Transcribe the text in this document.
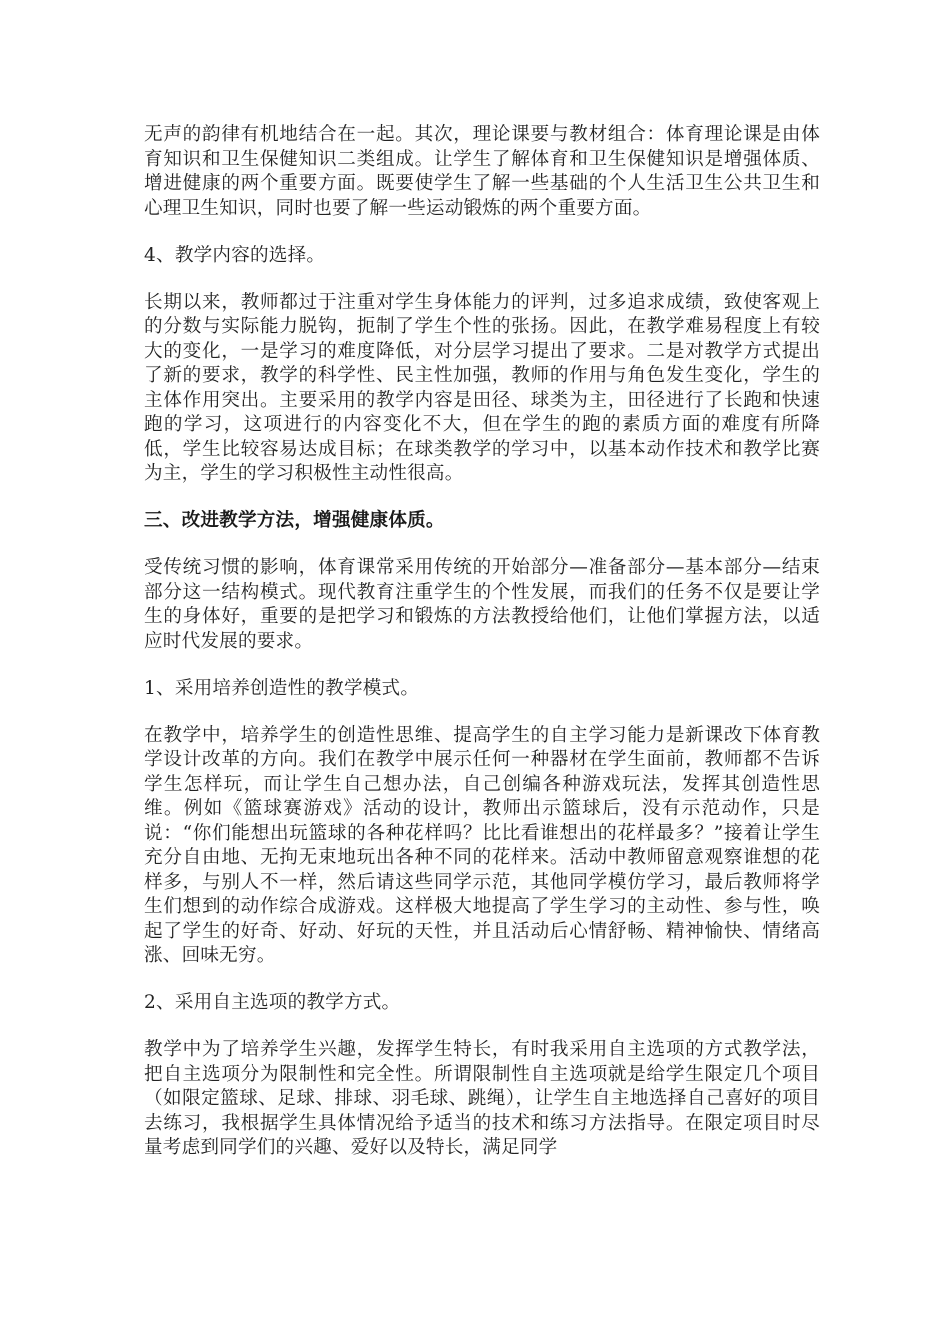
无声的韵律有机地结合在一起。其次，理论课要与教材组合：体育理论课是由体育知识和卫生保健知识二类组成。让学生了解体育和卫生保健知识是增强体质、增进健康的两个重要方面。既要使学生了解一些基础的个人生活卫生公共卫生和心理卫生知识，同时也要了解一些运动锻炼的两个重要方面。

4、教学内容的选择。

长期以来，教师都过于注重对学生身体能力的评判，过多追求成绩，致使客观上的分数与实际能力脱钩，扼制了学生个性的张扬。因此，在教学难易程度上有较大的变化，一是学习的难度降低，对分层学习提出了要求。二是对教学方式提出了新的要求，教学的科学性、民主性加强，教师的作用与角色发生变化，学生的主体作用突出。主要采用的教学内容是田径、球类为主，田径进行了长跑和快速跑的学习，这项进行的内容变化不大，但在学生的跑的素质方面的难度有所降低，学生比较容易达成目标；在球类教学的学习中，以基本动作技术和教学比赛为主，学生的学习积极性主动性很高。

三、改进教学方法，增强健康体质。

受传统习惯的影响，体育课常采用传统的开始部分—准备部分—基本部分—结束部分这一结构模式。现代教育注重学生的个性发展，而我们的任务不仅是要让学生的身体好，重要的是把学习和锻炼的方法教授给他们，让他们掌握方法，以适应时代发展的要求。

1、采用培养创造性的教学模式。

在教学中，培养学生的创造性思维、提高学生的自主学习能力是新课改下体育教学设计改革的方向。我们在教学中展示任何一种器材在学生面前，教师都不告诉学生怎样玩，而让学生自己想办法，自己创编各种游戏玩法，发挥其创造性思维。例如《篮球赛游戏》活动的设计，教师出示篮球后，没有示范动作，只是说：“你们能想出玩篮球的各种花样吗？比比看谁想出的花样最多？”接着让学生充分自由地、无拘无束地玩出各种不同的花样来。活动中教师留意观察谁想的花样多，与别人不一样，然后请这些同学示范，其他同学模仿学习，最后教师将学生们想到的动作综合成游戏。这样极大地提高了学生学习的主动性、参与性，唤起了学生的好奇、好动、好玩的天性，并且活动后心情舒畅、精神愉快、情绪高涨、回味无穷。

2、采用自主选项的教学方式。

教学中为了培养学生兴趣，发挥学生特长，有时我采用自主选项的方式教学法，把自主选项分为限制性和完全性。所谓限制性自主选项就是给学生限定几个项目（如限定篮球、足球、排球、羽毛球、跳绳），让学生自主地选择自己喜好的项目去练习，我根据学生具体情况给予适当的技术和练习方法指导。在限定项目时尽量考虑到同学们的兴趣、爱好以及特长，满足同学
